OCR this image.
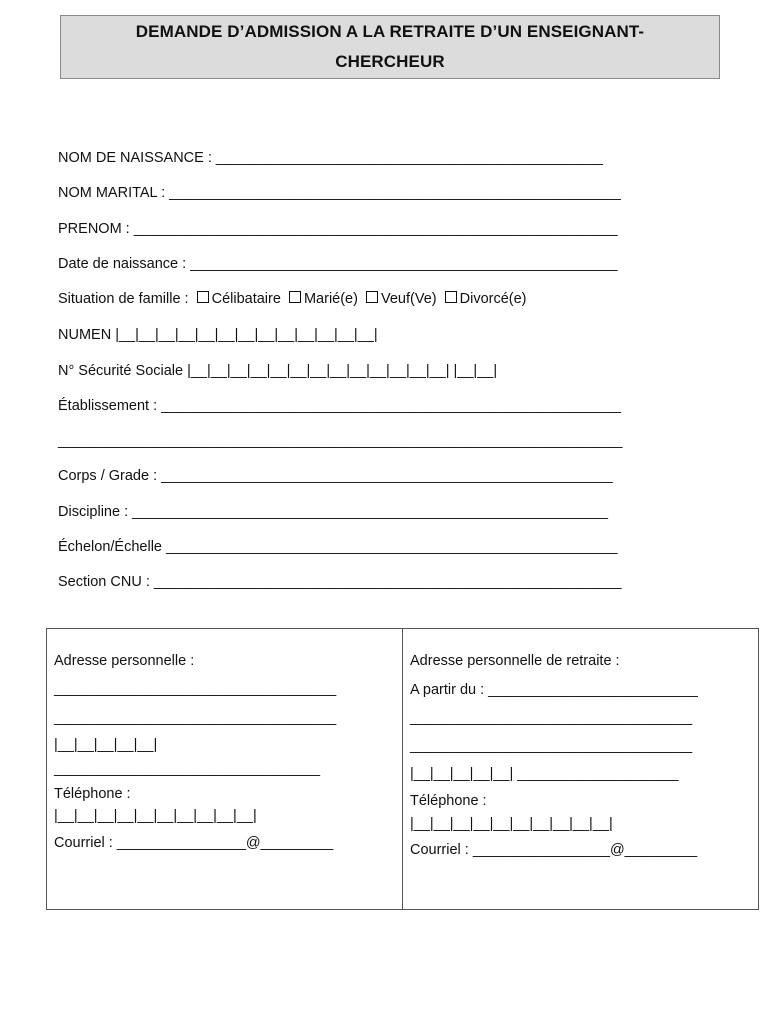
DEMANDE D’ADMISSION A LA RETRAITE D’UN ENSEIGNANT-
CHERCHEUR
NOM DE NAISSANCE : ________________________________________________
NOM MARITAL : ________________________________________________________
PRENOM : ____________________________________________________________
Date de naissance : _____________________________________________________
Situation de famille : Célibataire Marié(e) Veuf(Ve) Divorcé(e)
NUMEN |__|__|__|__|__|__|__|__|__|__|__|__|__|
N° Sécurité Sociale |__|__|__|__|__|__|__|__|__|__|__|__|__| |__|__|
Établissement : _________________________________________________________
______________________________________________________________________
Corps / Grade : ________________________________________________________
Discipline : ___________________________________________________________
Échelon/Échelle ________________________________________________________
Section CNU : __________________________________________________________
Adresse personnelle :
___________________________________
___________________________________
|__|__|__|__|__|
_________________________________
Téléphone :
|__|__|__|__|__|__|__|__|__|__|
Courriel : ________________@_________
Adresse personnelle de retraite :
A partir du : __________________________
___________________________________
___________________________________
|__|__|__|__|__| ____________________
Téléphone :
|__|__|__|__|__|__|__|__|__|__|
Courriel : _________________@_________
